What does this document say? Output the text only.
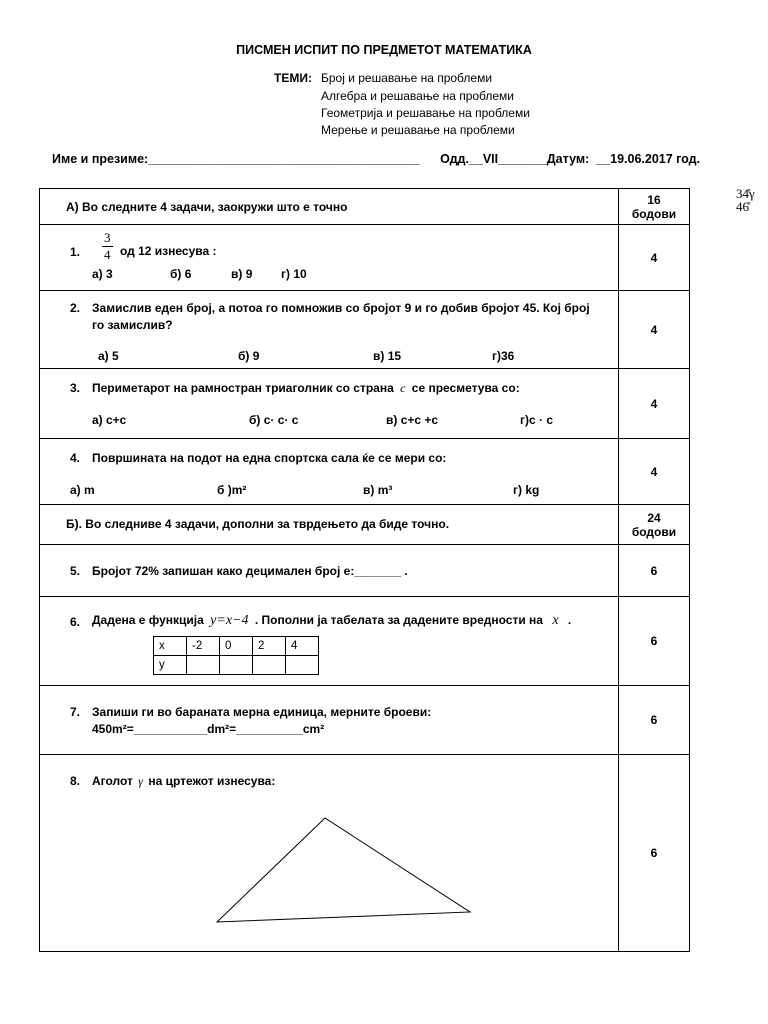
ПИСМЕН ИСПИТ ПО ПРЕДМЕТОТ МАТЕМАТИКА
ТЕМИ: Број и решавање на проблеми
Алгебра и решавање на проблеми
Геометрија и решавање на проблеми
Мерење и решавање на проблеми
Име и презиме:_______________________________________      Одд.__VII_______Датум:  __19.06.2017 год.
34̊γ
46̊
А) Во следните 4 задачи, заокружи што е точно

16
бодови

1. $\frac{3}{4}$ од 12 изнесува :
а) 3	б) 6	в) 9 г) 10
	4

2. Замислив еден број, а потоа го помножив со бројот 9 и го добив бројот 45. Кој број
го замислив?
а) 5	б) 9	в) 15	г)36
	4

3. Периметарот на рамностран триаголник со страна с се пресметува со:
а) с+с	б) с· с· с	в) с+с +с	г)с · с
	4

4. Површината на подот на една спортска сала ќе се мери со:
а) m	б )m²	в) m³	г) kg
	4

Б). Во следниве 4 задачи, дополни за тврдењето да биде точно.	24
бодови

5. Бројот 72% запишан како децимален број е:_______ .	6

6. Дадена е функција y=x−4 . Пополни ја табелата за дадените вредности на x .
x	-2	0	2	4
y				
	6

7. Запиши ги во бараната мерна единица, мерните броеви:
450m²=___________dm²=__________cm²
	6

8. Аголот γ на цртежот изнесува:
	6
